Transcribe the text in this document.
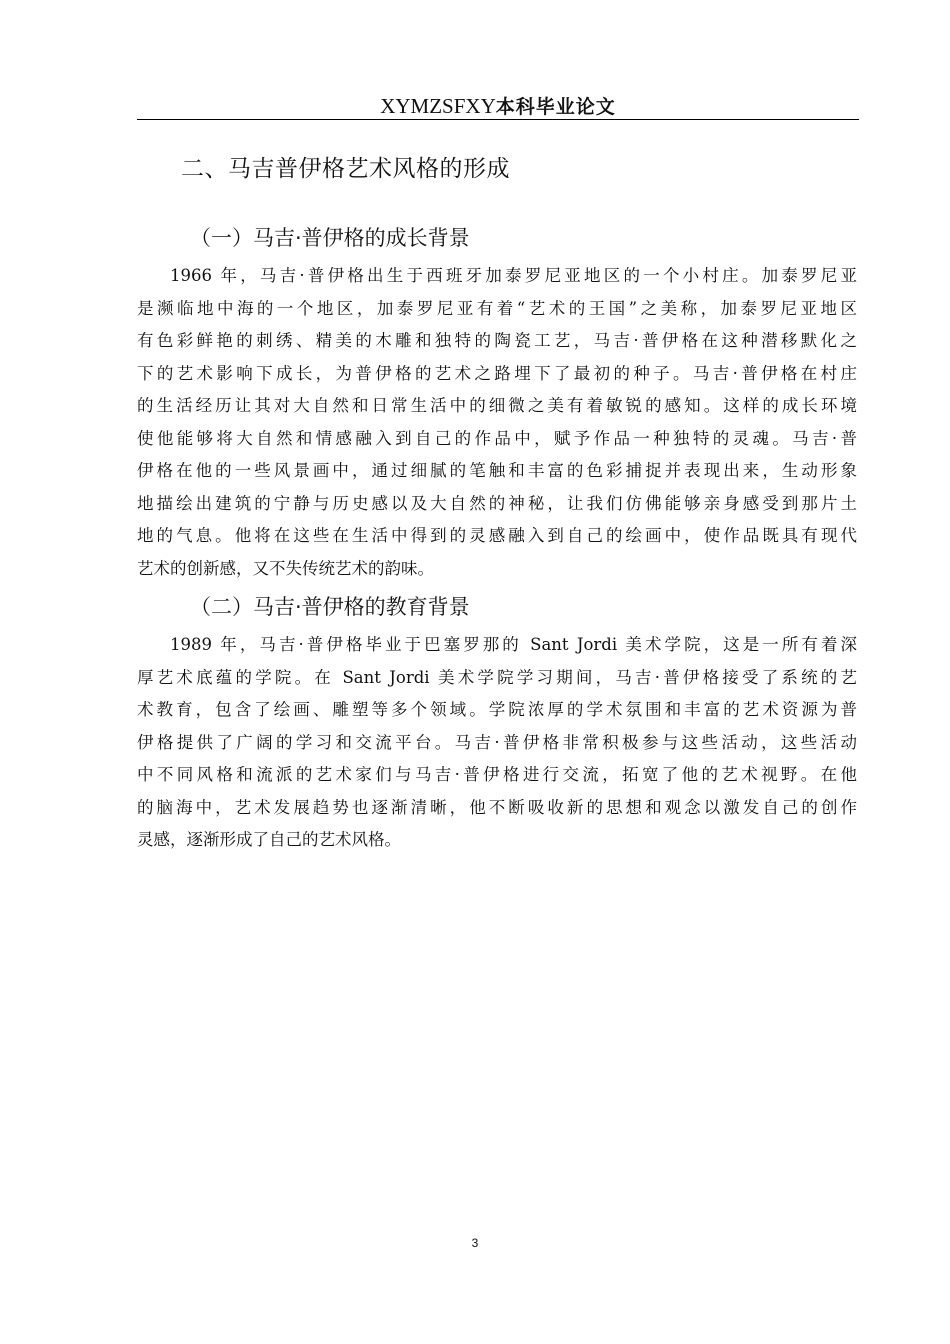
XYMZSFXY本科毕业论文
二、马吉普伊格艺术风格的形成
（一）马吉·普伊格的成长背景
1966 年，马吉·普伊格出生于西班牙加泰罗尼亚地区的一个小村庄。加泰罗尼亚
是濒临地中海的一个地区，加泰罗尼亚有着“艺术的王国”之美称，加泰罗尼亚地区
有色彩鲜艳的刺绣、精美的木雕和独特的陶瓷工艺，马吉·普伊格在这种潜移默化之
下的艺术影响下成长，为普伊格的艺术之路埋下了最初的种子。马吉·普伊格在村庄
的生活经历让其对大自然和日常生活中的细微之美有着敏锐的感知。这样的成长环境
使他能够将大自然和情感融入到自己的作品中，赋予作品一种独特的灵魂。马吉·普
伊格在他的一些风景画中，通过细腻的笔触和丰富的色彩捕捉并表现出来，生动形象
地描绘出建筑的宁静与历史感以及大自然的神秘，让我们仿佛能够亲身感受到那片土
地的气息。他将在这些在生活中得到的灵感融入到自己的绘画中，使作品既具有现代
艺术的创新感，又不失传统艺术的韵味。
（二）马吉·普伊格的教育背景
1989 年，马吉·普伊格毕业于巴塞罗那的 Sant Jordi 美术学院，这是一所有着深
厚艺术底蕴的学院。在 Sant Jordi 美术学院学习期间，马吉·普伊格接受了系统的艺
术教育，包含了绘画、雕塑等多个领域。学院浓厚的学术氛围和丰富的艺术资源为普
伊格提供了广阔的学习和交流平台。马吉·普伊格非常积极参与这些活动，这些活动
中不同风格和流派的艺术家们与马吉·普伊格进行交流，拓宽了他的艺术视野。在他
的脑海中，艺术发展趋势也逐渐清晰，他不断吸收新的思想和观念以激发自己的创作
灵感，逐渐形成了自己的艺术风格。
3
